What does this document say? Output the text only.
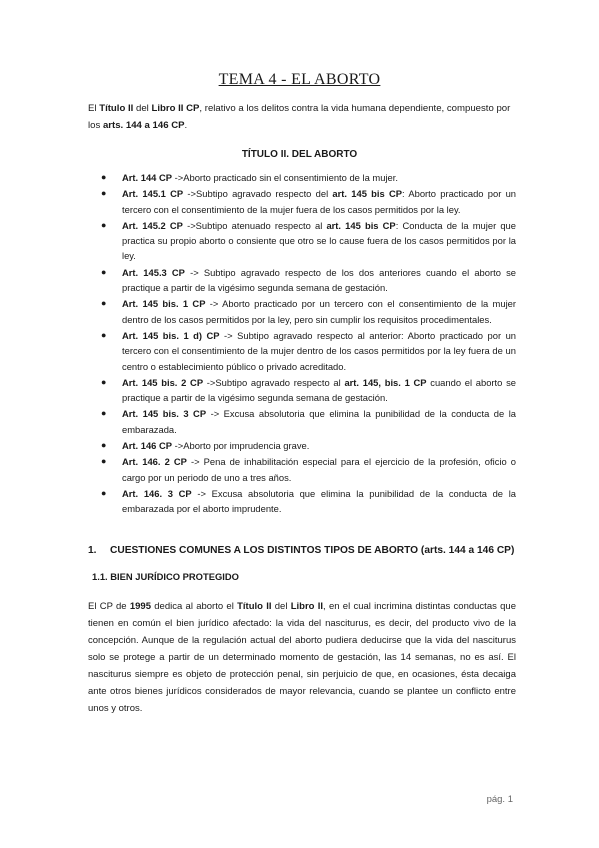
TEMA 4 - EL ABORTO
El Título II del Libro II CP, relativo a los delitos contra la vida humana dependiente, compuesto por los arts. 144 a 146 CP.
TÍTULO II. DEL ABORTO
● Art. 144 CP ->Aborto practicado sin el consentimiento de la mujer.
● Art. 145.1 CP ->Subtipo agravado respecto del art. 145 bis CP: Aborto practicado por un tercero con el consentimiento de la mujer fuera de los casos permitidos por la ley.
● Art. 145.2 CP ->Subtipo atenuado respecto al art. 145 bis CP: Conducta de la mujer que practica su propio aborto o consiente que otro se lo cause fuera de los casos permitidos por la ley.
● Art. 145.3 CP -> Subtipo agravado respecto de los dos anteriores cuando el aborto se practique a partir de la vigésimo segunda semana de gestación.
● Art. 145 bis. 1 CP -> Aborto practicado por un tercero con el consentimiento de la mujer dentro de los casos permitidos por la ley, pero sin cumplir los requisitos procedimentales.
● Art. 145 bis. 1 d) CP -> Subtipo agravado respecto al anterior: Aborto practicado por un tercero con el consentimiento de la mujer dentro de los casos permitidos por la ley fuera de un centro o establecimiento público o privado acreditado.
● Art. 145 bis. 2 CP ->Subtipo agravado respecto al art. 145, bis. 1 CP cuando el aborto se practique a partir de la vigésimo segunda semana de gestación.
● Art. 145 bis. 3 CP -> Excusa absolutoria que elimina la punibilidad de la conducta de la embarazada.
● Art. 146 CP ->Aborto por imprudencia grave.
● Art. 146. 2 CP -> Pena de inhabilitación especial para el ejercicio de la profesión, oficio o cargo por un periodo de uno a tres años.
● Art. 146. 3 CP -> Excusa absolutoria que elimina la punibilidad de la conducta de la embarazada por el aborto imprudente.
1. CUESTIONES COMUNES A LOS DISTINTOS TIPOS DE ABORTO (arts. 144 a 146 CP)
1.1. BIEN JURÍDICO PROTEGIDO
El CP de 1995 dedica al aborto el Título II del Libro II, en el cual incrimina distintas conductas que tienen en común el bien jurídico afectado: la vida del nasciturus, es decir, del producto vivo de la concepción. Aunque de la regulación actual del aborto pudiera deducirse que la vida del nasciturus solo se protege a partir de un determinado momento de gestación, las 14 semanas, no es así. El nasciturus siempre es objeto de protección penal, sin perjuicio de que, en ocasiones, ésta decaiga ante otros bienes jurídicos considerados de mayor relevancia, cuando se plantee un conflicto entre unos y otros.
pág. 1
